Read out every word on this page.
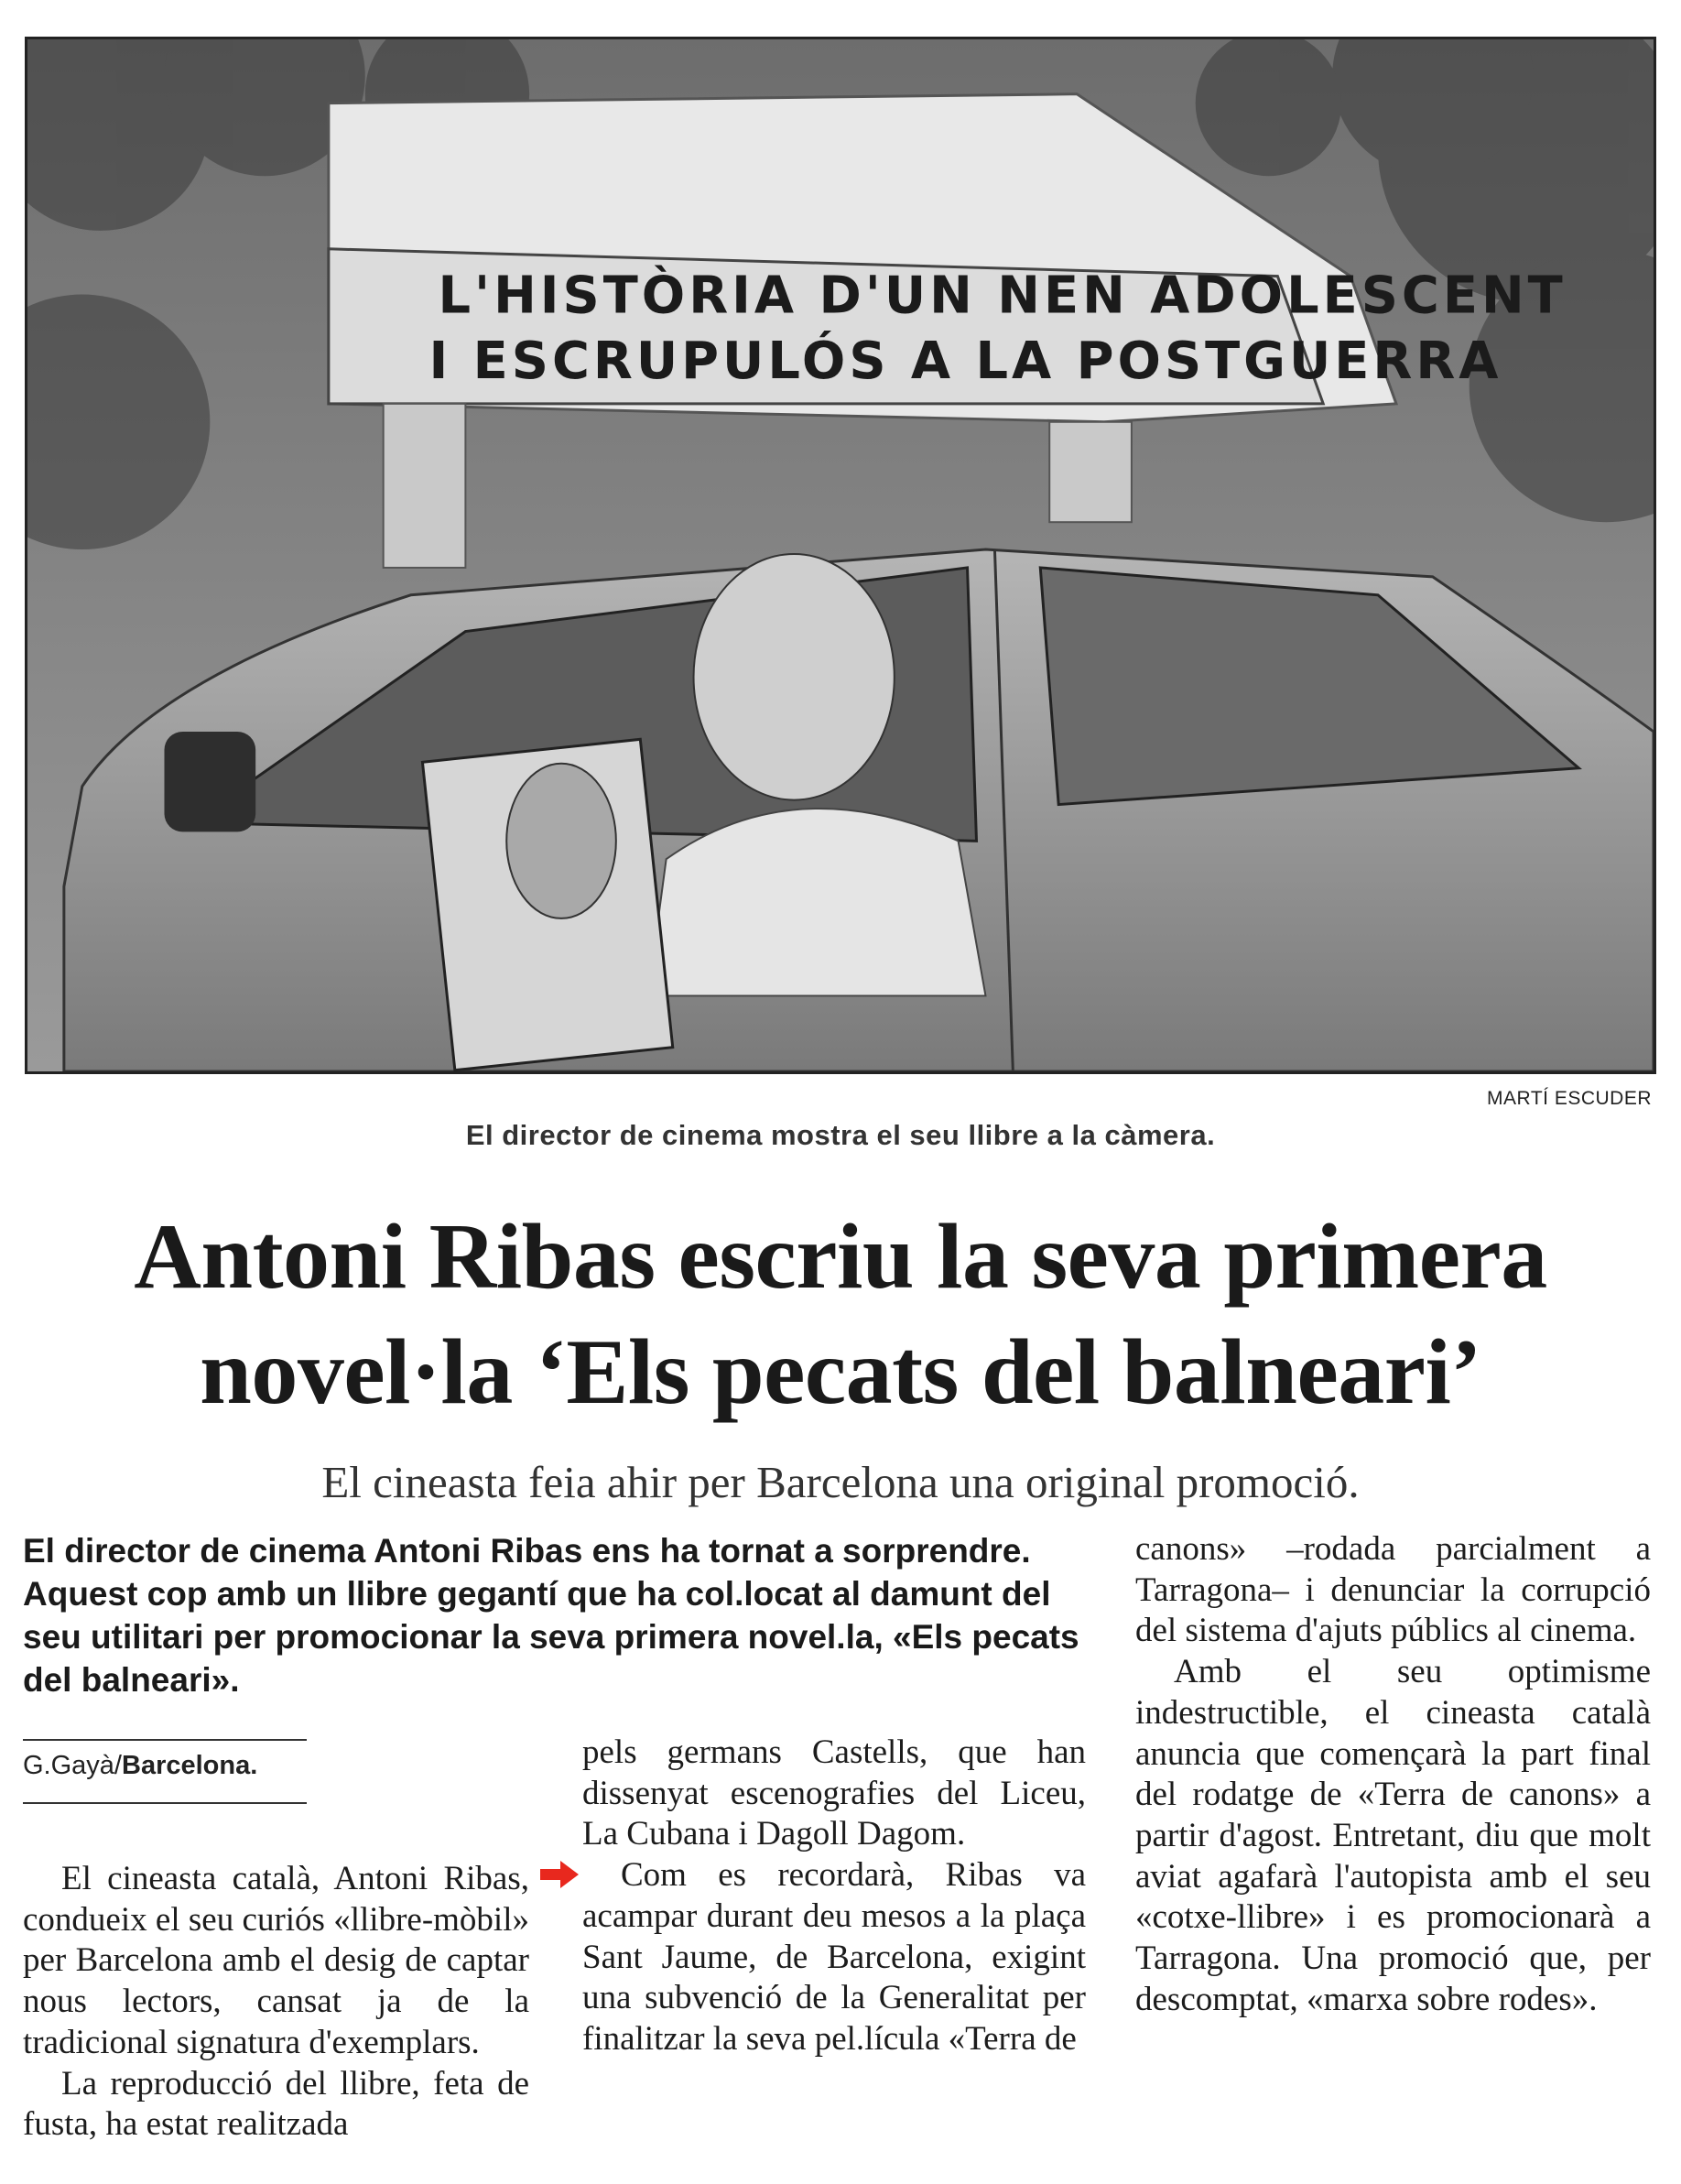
L'HISTÒRIA D'UN NEN ADOLESCENT
I ESCRUPULÓS A LA POSTGUERRA
MARTÍ ESCUDER
El director de cinema mostra el seu llibre a la càmera.
Antoni Ribas escriu la seva primera
novel·la ‘Els pecats del balneari’
El cineasta feia ahir per Barcelona una original promoció.
El director de cinema Antoni Ribas ens ha tornat a sorprendre. Aquest cop amb un llibre gegantí que ha col.locat al damunt del seu utilitari per promocionar la seva primera novel.la, «Els pecats del balneari».
G.Gayà/Barcelona.

El cineasta català, Antoni Ribas, condueix el seu curiós «llibre-mòbil» per Barcelona amb el desig de captar nous lectors, cansat ja de la tradicional signatura d'exemplars.

La reproducció del llibre, feta de fusta, ha estat realitzada

pels germans Castells, que han dissenyat escenografies del Liceu, La Cubana i Dagoll Dagom.

Com es recordarà, Ribas va acampar durant deu mesos a la plaça Sant Jaume, de Barcelona, exigint una subvenció de la Generalitat per finalitzar la seva pel.lícula «Terra de

canons» –rodada parcialment a Tarragona– i denunciar la corrupció del sistema d'ajuts públics al cinema.

Amb el seu optimisme indestructible, el cineasta català anuncia que començarà la part final del rodatge de «Terra de canons» a partir d'agost. Entretant, diu que molt aviat agafarà l'autopista amb el seu «cotxe-llibre» i es promocionarà a Tarragona. Una promoció que, per descomptat, «marxa sobre rodes».
